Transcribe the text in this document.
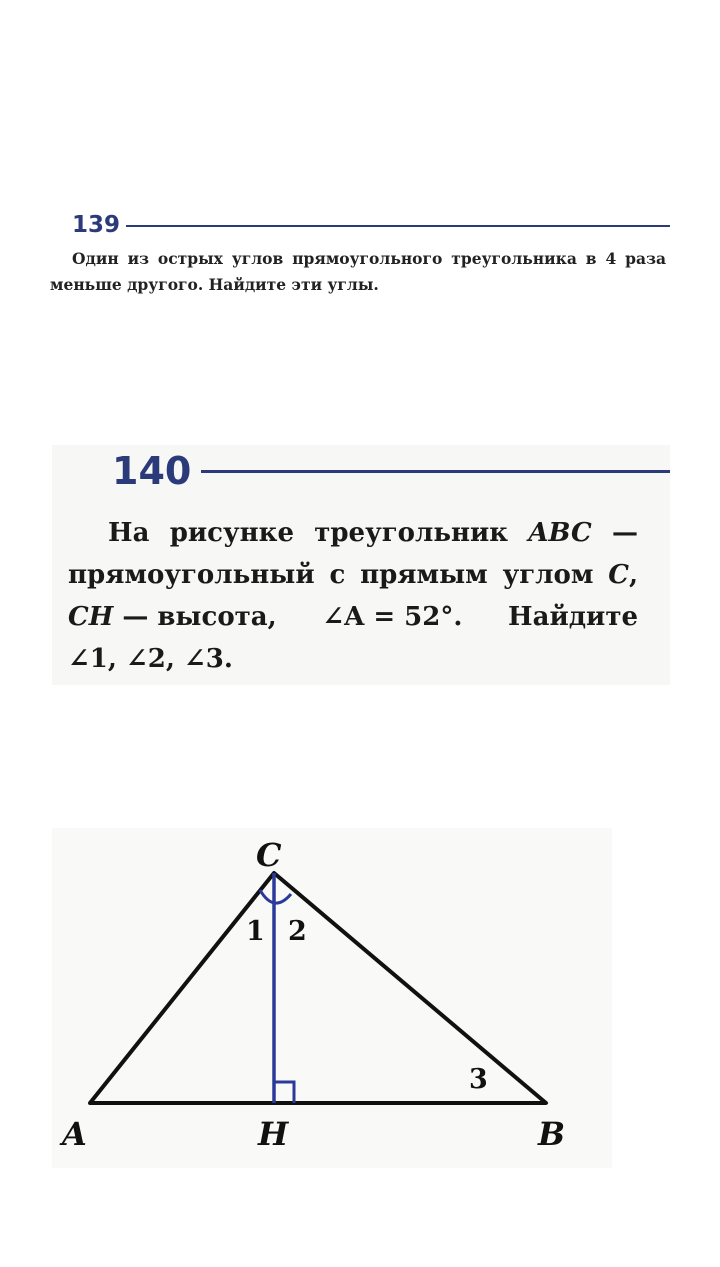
139

Один из острых углов прямоугольного треугольника в 4 раза меньше другого. Найдите эти углы.

140
На рисунке треугольник ABC —
прямоугольный с прямым углом C,
CH — высота, ∠A = 52°. Найдите
∠1, ∠2, ∠3.
C
A	H	B
1 2
3
